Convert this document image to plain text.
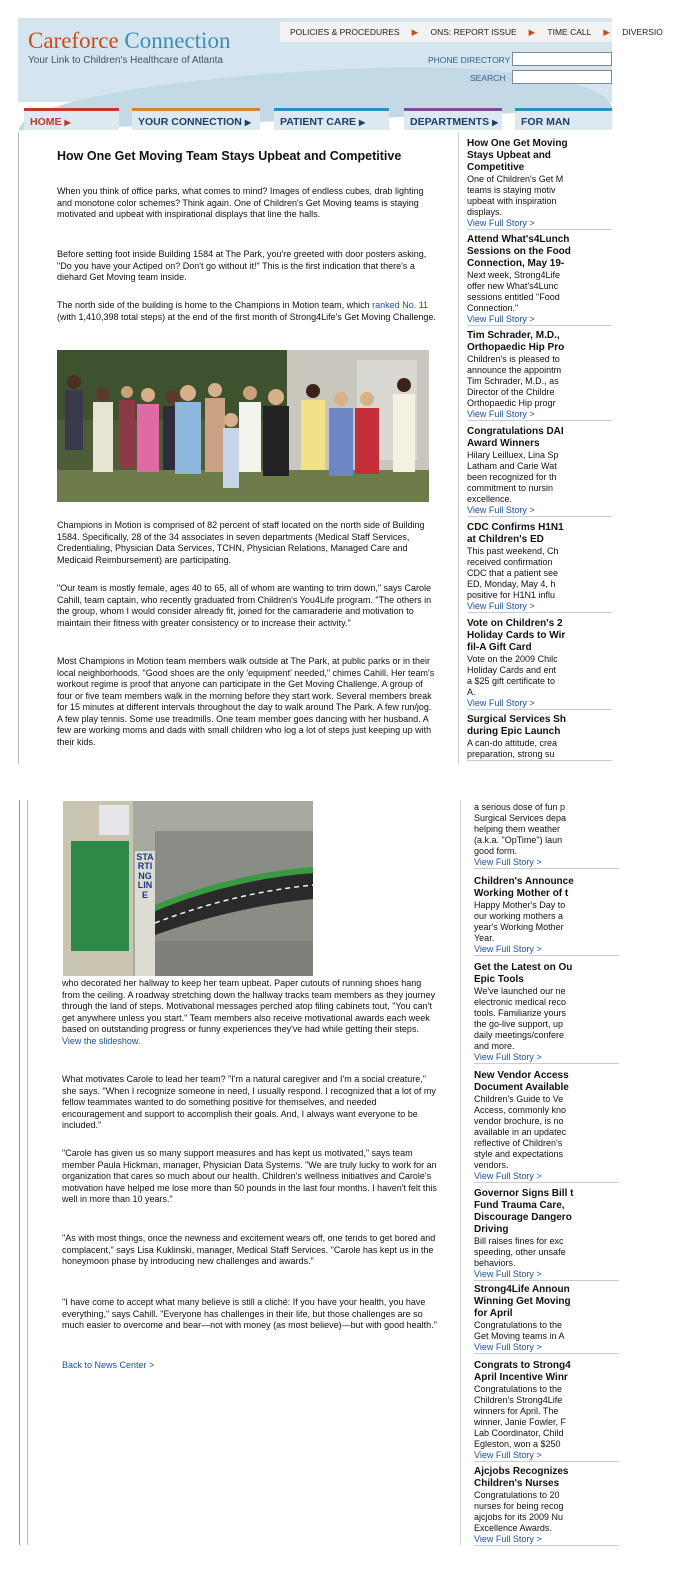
Careforce Connection
Your Link to Children's Healthcare of Atlanta
POLICIES & PROCEDURES ▶ ONS: REPORT ISSUE ▶ TIME CALL ▶ DIVERSIO
PHONE DIRECTORY
SEARCH
HOME ▶	YOUR CONNECTION ▶	PATIENT CARE ▶	DEPARTMENTS ▶	FOR MAN
How One Get Moving Team Stays Upbeat and Competitive
When you think of office parks, what comes to mind? Images of endless cubes, drab lighting and monotone color schemes? Think again. One of Children's Get Moving teams is staying motivated and upbeat with inspirational displays that line the halls.
Before setting foot inside Building 1584 at The Park, you're greeted with door posters asking, "Do you have your Actiped on? Don't go without it!" This is the first indication that there's a diehard Get Moving team inside.
The north side of the building is home to the Champions in Motion team, which ranked No. 11 (with 1,410,398 total steps) at the end of the first month of Strong4Life's Get Moving Challenge.
Champions in Motion is comprised of 82 percent of staff located on the north side of Building 1584. Specifically, 28 of the 34 associates in seven departments (Medical Staff Services, Credentialing, Physician Data Services, TCHN, Physician Relations, Managed Care and Medicaid Reimbursement) are participating.
"Our team is mostly female, ages 40 to 65, all of whom are wanting to trim down," says Carole Cahill, team captain, who recently graduated from Children's You4Life program. "The others in the group, whom I would consider already fit, joined for the camaraderie and motivation to maintain their fitness with greater consistency or to increase their activity."
Most Champions in Motion team members walk outside at The Park, at public parks or in their local neighborhoods. "Good shoes are the only 'equipment' needed," chimes Cahill. Her team's workout regime is proof that anyone can participate in the Get Moving Challenge. A group of four or five team members walk in the morning before they start work. Several members break for 15 minutes at different intervals throughout the day to walk around The Park. A few run/jog. A few play tennis. Some use treadmills. One team member goes dancing with her husband. A few are working moms and dads with small children who log a lot of steps just keeping up with their kids.
STARTING LINE
who decorated her hallway to keep her team upbeat. Paper cutouts of running shoes hang from the ceiling. A roadway stretching down the hallway tracks team members as they journey through the land of steps. Motivational messages perched atop filing cabinets tout, "You can't get anywhere unless you start." Team members also receive motivational awards each week based on outstanding progress or funny experiences they've had while getting their steps. View the slideshow.
What motivates Carole to lead her team? "I'm a natural caregiver and I'm a social creature," she says. "When I recognize someone in need, I usually respond. I recognized that a lot of my fellow teammates wanted to do something positive for themselves, and needed encouragement and support to accomplish their goals. And, I always want everyone to be included."
"Carole has given us so many support measures and has kept us motivated," says team member Paula Hickman, manager, Physician Data Systems. "We are truly lucky to work for an organization that cares so much about our health. Children's wellness initiatives and Carole's motivation have helped me lose more than 50 pounds in the last four months. I haven't felt this well in more than 10 years."
"As with most things, once the newness and excitement wears off, one tends to get bored and complacent," says Lisa Kuklinski, manager, Medical Staff Services. "Carole has kept us in the honeymoon phase by introducing new challenges and awards."
"I have come to accept what many believe is still a cliché: If you have your health, you have everything," says Cahill. "Everyone has challenges in their life, but those challenges are so much easier to overcome and bear—not with money (as most believe)—but with good health."
Back to News Center >
How One Get Moving
Stays Upbeat and
Competitive
One of Children's Get M
teams is staying motiv
upbeat with inspiration
displays.
View Full Story >
Attend What's4Lunch
Sessions on the Food
Connection, May 19-
Next week, Strong4Life
offer new What's4Lunc
sessions entitled "Food
Connection."
View Full Story >
Tim Schrader, M.D.,
Orthopaedic Hip Pro
Children's is pleased to
announce the appointm
Tim Schrader, M.D., as
Director of the Childre
Orthopaedic Hip progr
View Full Story >
Congratulations DAI
Award Winners
Hilary Leilluex, Lina Sp
Latham and Carie Wat
been recognized for th
commitment to nursin
excellence.
View Full Story >
CDC Confirms H1N1
at Children's ED
This past weekend, Ch
received confirmation
CDC that a patient see
ED, Monday, May 4, h
positive for H1N1 influ
View Full Story >
Vote on Children's 2
Holiday Cards to Wir
fil-A Gift Card
Vote on the 2009 Chilc
Holiday Cards and ent
a $25 gift certificate to
A.
View Full Story >
Surgical Services Sh
during Epic Launch
A can-do attitude, crea
preparation, strong su
a serious dose of fun p
Surgical Services depa
helping them weather
(a.k.a. "OpTime") laun
good form.
View Full Story >
Children's Announce
Working Mother of t
Happy Mother's Day to
our working mothers a
year's Working Mother
Year.
View Full Story >
Get the Latest on Ou
Epic Tools
We've launched our ne
electronic medical reco
tools. Familiarize yours
the go-live support, up
daily meetings/confere
and more.
View Full Story >
New Vendor Access
Document Available
Children's Guide to Ve
Access, commonly kno
vendor brochure, is no
available in an updatec
reflective of Children's
style and expectations
vendors.
View Full Story >
Governor Signs Bill t
Fund Trauma Care,
Discourage Dangero
Driving
Bill raises fines for exc
speeding, other unsafe
behaviors.
View Full Story >
Strong4Life Announ
Winning Get Moving
for April
Congratulations to the
Get Moving teams in A
View Full Story >
Congrats to Strong4
April Incentive Winr
Congratulations to the
Children's Strong4Life
winners for April. The
winner, Janie Fowler, F
Lab Coordinator, Child
Egleston, won a $250
View Full Story >
Ajcjobs Recognizes
Children's Nurses
Congratulations to 20
nurses for being recog
ajcjobs for its 2009 Nu
Excellence Awards.
View Full Story >
